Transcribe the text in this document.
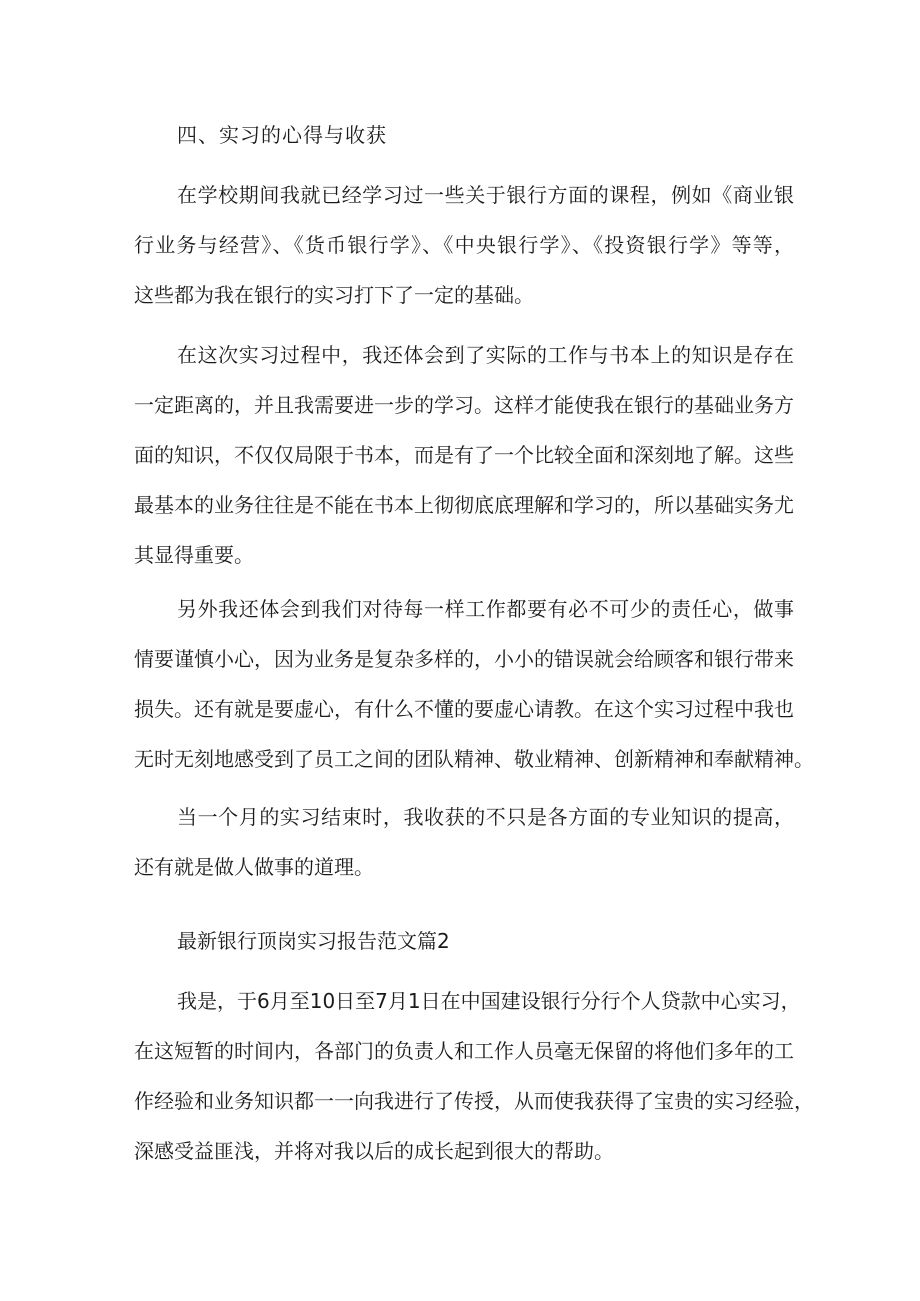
四、实习的心得与收获
在学校期间我就已经学习过一些关于银行方面的课程，例如《商业银
行业务与经营》、《货币银行学》、《中央银行学》、《投资银行学》等等，
这些都为我在银行的实习打下了一定的基础。
在这次实习过程中，我还体会到了实际的工作与书本上的知识是存在
一定距离的，并且我需要进一步的学习。这样才能使我在银行的基础业务方
面的知识，不仅仅局限于书本，而是有了一个比较全面和深刻地了解。这些
最基本的业务往往是不能在书本上彻彻底底理解和学习的，所以基础实务尤
其显得重要。
另外我还体会到我们对待每一样工作都要有必不可少的责任心，做事
情要谨慎小心，因为业务是复杂多样的，小小的错误就会给顾客和银行带来
损失。还有就是要虚心，有什么不懂的要虚心请教。在这个实习过程中我也
无时无刻地感受到了员工之间的团队精神、敬业精神、创新精神和奉献精神。
当一个月的实习结束时，我收获的不只是各方面的专业知识的提高，
还有就是做人做事的道理。
最新银行顶岗实习报告范文篇2
我是，于6月至10日至7月1日在中国建设银行分行个人贷款中心实习，
在这短暂的时间内，各部门的负责人和工作人员毫无保留的将他们多年的工
作经验和业务知识都一一向我进行了传授，从而使我获得了宝贵的实习经验，
深感受益匪浅，并将对我以后的成长起到很大的帮助。
